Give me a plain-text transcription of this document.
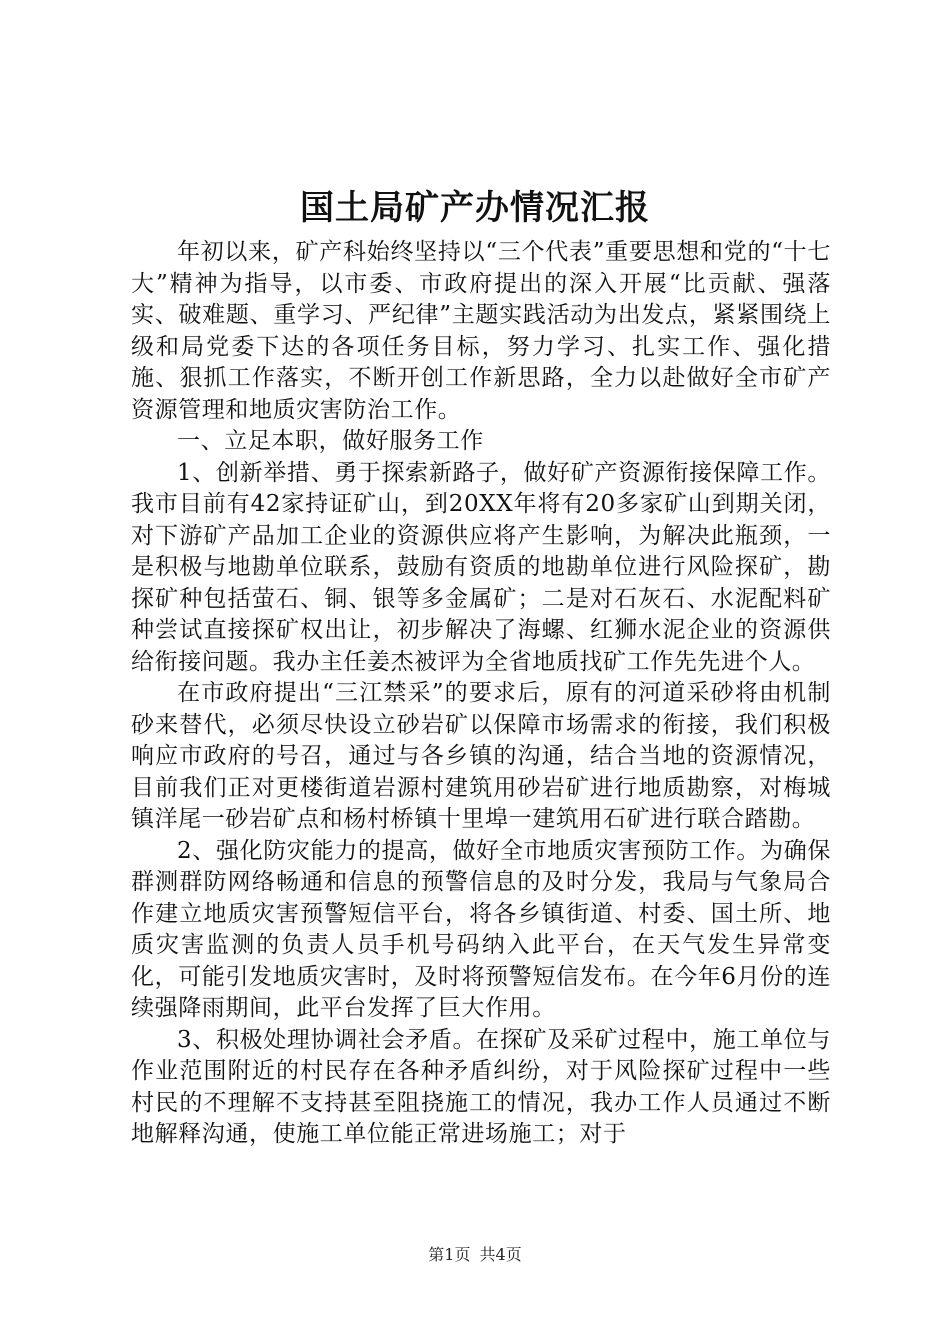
国土局矿产办情况汇报

年初以来，矿产科始终坚持以“三个代表”重要思想和党的“十七大”精神为指导，以市委、市政府提出的深入开展“比贡献、强落实、破难题、重学习、严纪律”主题实践活动为出发点，紧紧围绕上级和局党委下达的各项任务目标，努力学习、扎实工作、强化措施、狠抓工作落实，不断开创工作新思路，全力以赴做好全市矿产资源管理和地质灾害防治工作。

一、立足本职，做好服务工作

1、创新举措、勇于探索新路子，做好矿产资源衔接保障工作。我市目前有42家持证矿山，到20XX年将有20多家矿山到期关闭，对下游矿产品加工企业的资源供应将产生影响，为解决此瓶颈，一是积极与地勘单位联系，鼓励有资质的地勘单位进行风险探矿，勘探矿种包括萤石、铜、银等多金属矿；二是对石灰石、水泥配料矿种尝试直接探矿权出让，初步解决了海螺、红狮水泥企业的资源供给衔接问题。我办主任姜杰被评为全省地质找矿工作先先进个人。

在市政府提出“三江禁采”的要求后，原有的河道采砂将由机制砂来替代，必须尽快设立砂岩矿以保障市场需求的衔接，我们积极响应市政府的号召，通过与各乡镇的沟通，结合当地的资源情况，目前我们正对更楼街道岩源村建筑用砂岩矿进行地质勘察，对梅城镇洋尾一砂岩矿点和杨村桥镇十里埠一建筑用石矿进行联合踏勘。

2、强化防灾能力的提高，做好全市地质灾害预防工作。为确保群测群防网络畅通和信息的预警信息的及时分发，我局与气象局合作建立地质灾害预警短信平台，将各乡镇街道、村委、国土所、地质灾害监测的负责人员手机号码纳入此平台，在天气发生异常变化，可能引发地质灾害时，及时将预警短信发布。在今年6月份的连续强降雨期间，此平台发挥了巨大作用。

3、积极处理协调社会矛盾。在探矿及采矿过程中，施工单位与作业范围附近的村民存在各种矛盾纠纷，对于风险探矿过程中一些村民的不理解不支持甚至阻挠施工的情况，我办工作人员通过不断地解释沟通，使施工单位能正常进场施工；对于

第1页 共4页
